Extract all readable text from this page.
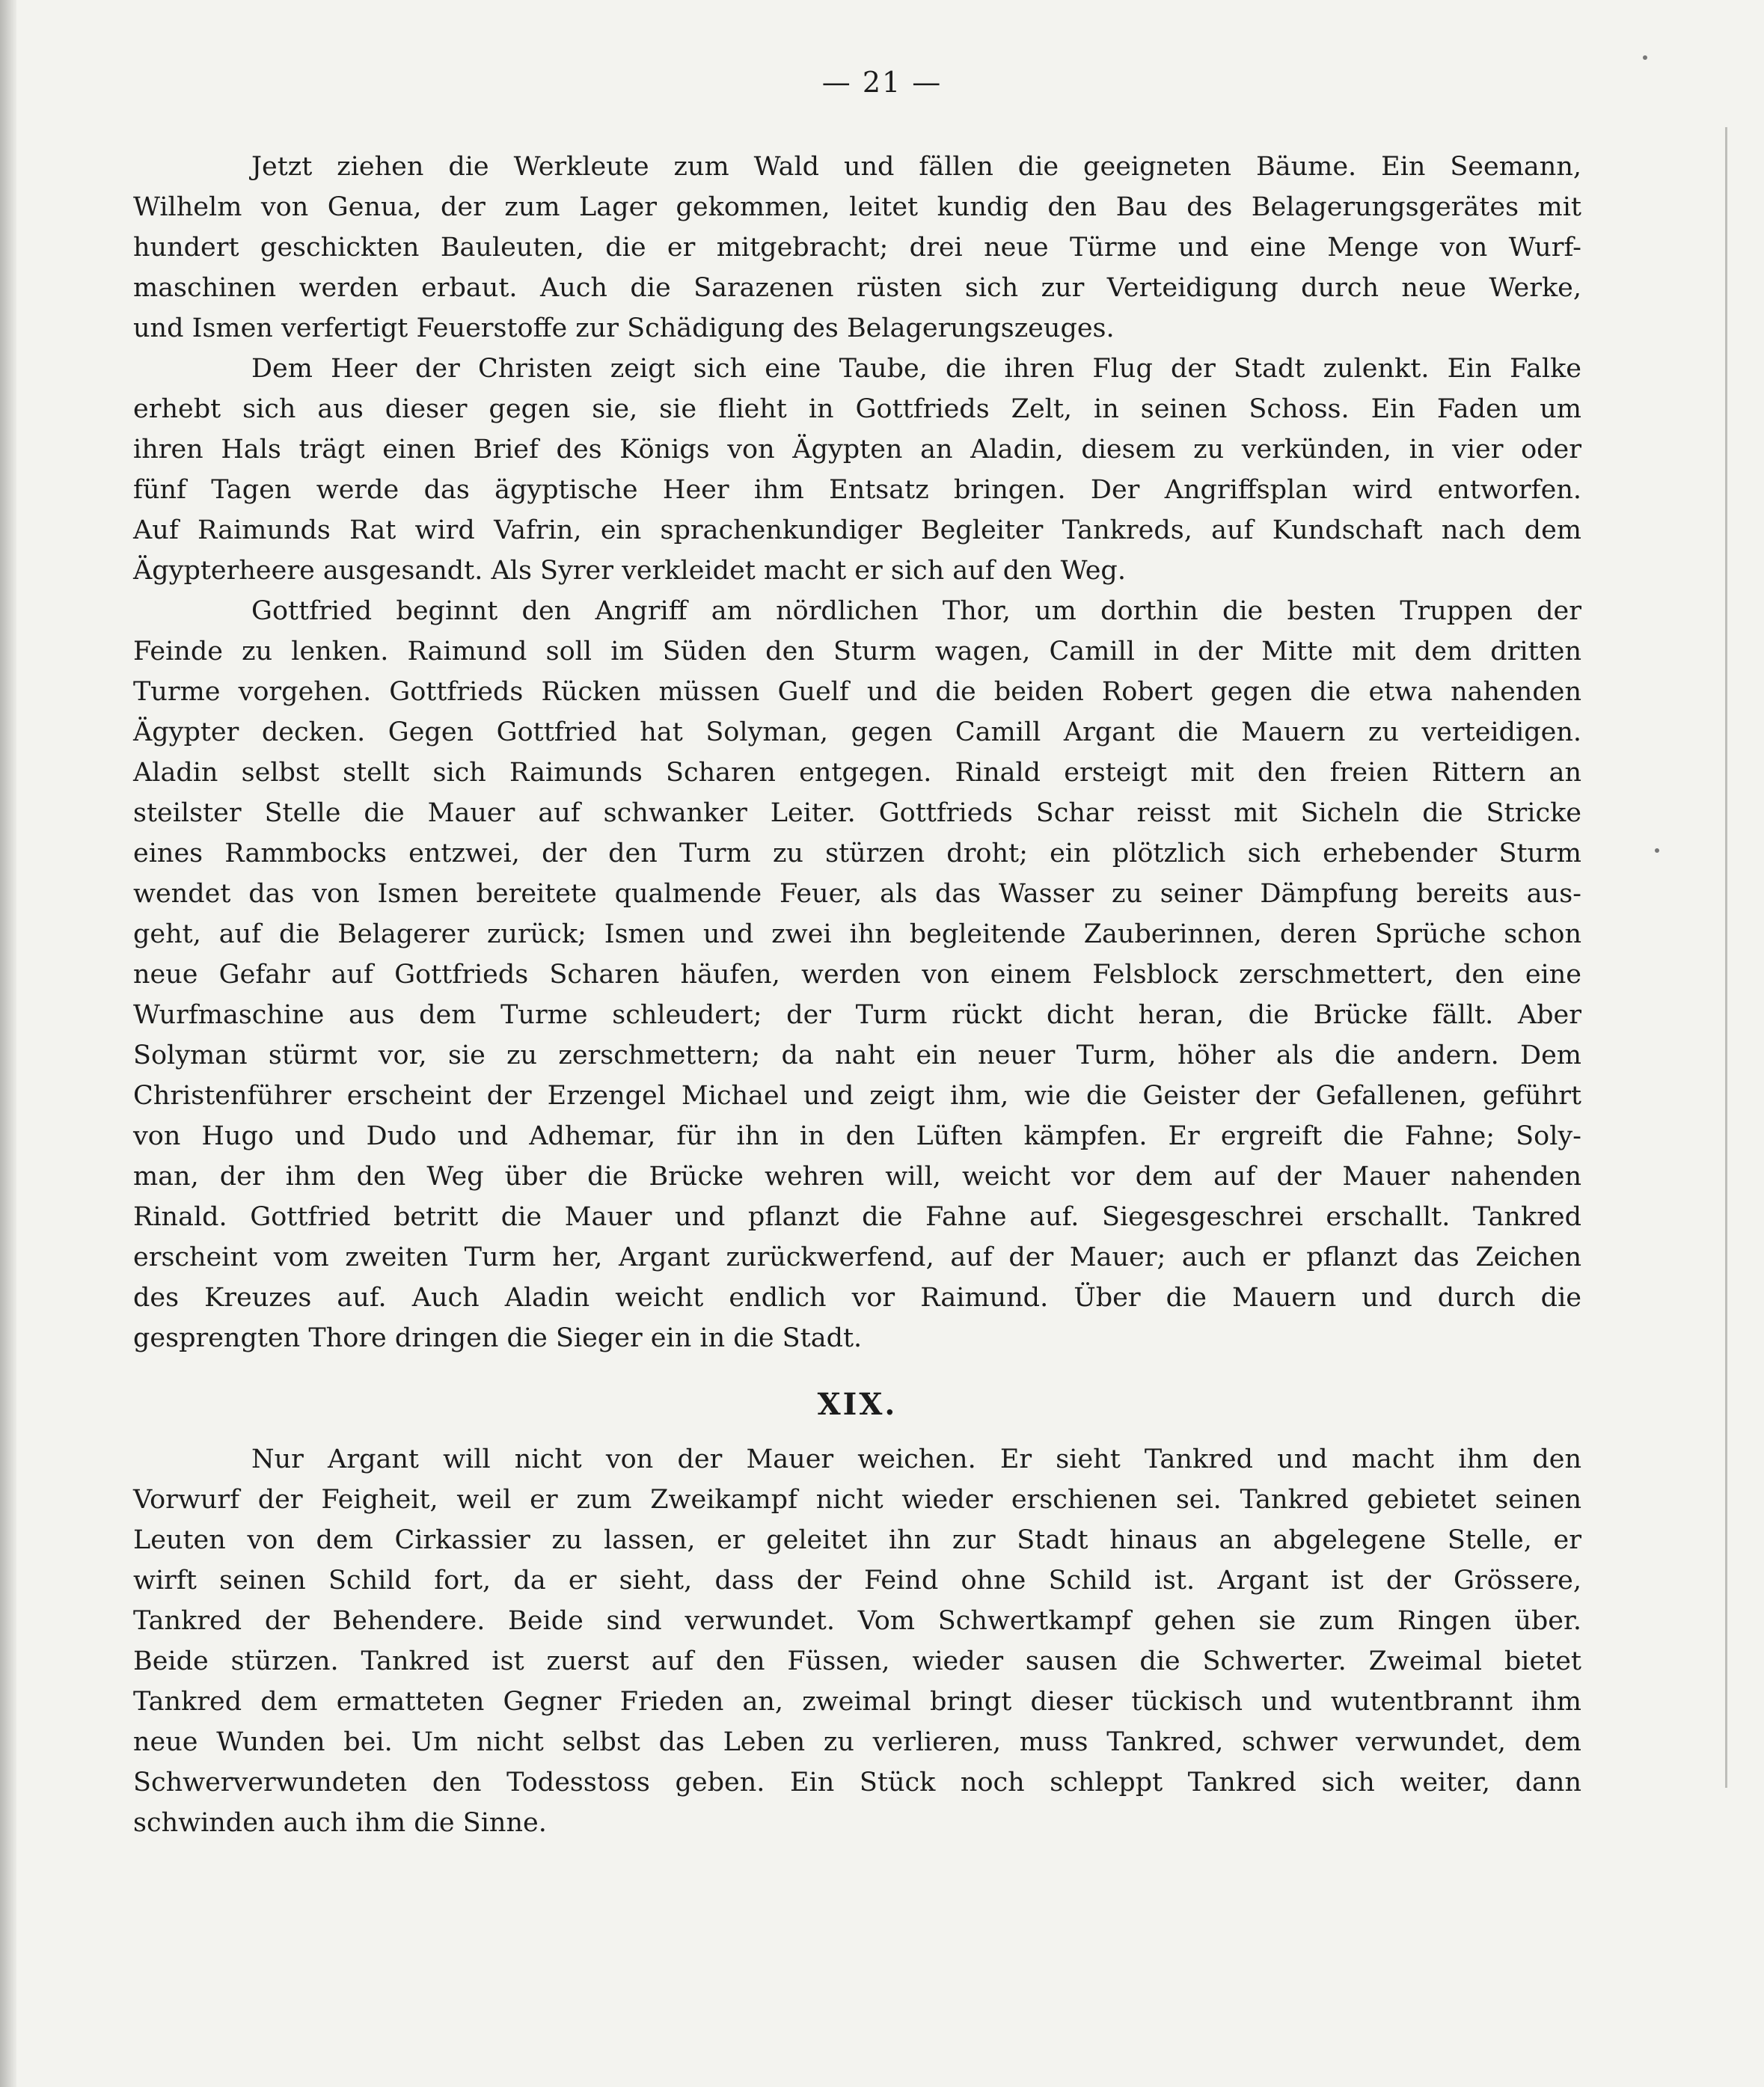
— 21 —
Jetzt ziehen die Werkleute zum Wald und fällen die geeigneten Bäume. Ein Seemann,
Wilhelm von Genua, der zum Lager gekommen, leitet kundig den Bau des Belagerungsgerätes mit
hundert geschickten Bauleuten, die er mitgebracht; drei neue Türme und eine Menge von Wurf-
maschinen werden erbaut. Auch die Sarazenen rüsten sich zur Verteidigung durch neue Werke,
und Ismen verfertigt Feuerstoffe zur Schädigung des Belagerungszeuges.
Dem Heer der Christen zeigt sich eine Taube, die ihren Flug der Stadt zulenkt. Ein Falke
erhebt sich aus dieser gegen sie, sie flieht in Gottfrieds Zelt, in seinen Schoss. Ein Faden um
ihren Hals trägt einen Brief des Königs von Ägypten an Aladin, diesem zu verkünden, in vier oder
fünf Tagen werde das ägyptische Heer ihm Entsatz bringen. Der Angriffsplan wird entworfen.
Auf Raimunds Rat wird Vafrin, ein sprachenkundiger Begleiter Tankreds, auf Kundschaft nach dem
Ägypterheere ausgesandt. Als Syrer verkleidet macht er sich auf den Weg.
Gottfried beginnt den Angriff am nördlichen Thor, um dorthin die besten Truppen der
Feinde zu lenken. Raimund soll im Süden den Sturm wagen, Camill in der Mitte mit dem dritten
Turme vorgehen. Gottfrieds Rücken müssen Guelf und die beiden Robert gegen die etwa nahenden
Ägypter decken. Gegen Gottfried hat Solyman, gegen Camill Argant die Mauern zu verteidigen.
Aladin selbst stellt sich Raimunds Scharen entgegen. Rinald ersteigt mit den freien Rittern an
steilster Stelle die Mauer auf schwanker Leiter. Gottfrieds Schar reisst mit Sicheln die Stricke
eines Rammbocks entzwei, der den Turm zu stürzen droht; ein plötzlich sich erhebender Sturm
wendet das von Ismen bereitete qualmende Feuer, als das Wasser zu seiner Dämpfung bereits aus-
geht, auf die Belagerer zurück; Ismen und zwei ihn begleitende Zauberinnen, deren Sprüche schon
neue Gefahr auf Gottfrieds Scharen häufen, werden von einem Felsblock zerschmettert, den eine
Wurfmaschine aus dem Turme schleudert; der Turm rückt dicht heran, die Brücke fällt. Aber
Solyman stürmt vor, sie zu zerschmettern; da naht ein neuer Turm, höher als die andern. Dem
Christenführer erscheint der Erzengel Michael und zeigt ihm, wie die Geister der Gefallenen, geführt
von Hugo und Dudo und Adhemar, für ihn in den Lüften kämpfen. Er ergreift die Fahne; Soly-
man, der ihm den Weg über die Brücke wehren will, weicht vor dem auf der Mauer nahenden
Rinald. Gottfried betritt die Mauer und pflanzt die Fahne auf. Siegesgeschrei erschallt. Tankred
erscheint vom zweiten Turm her, Argant zurückwerfend, auf der Mauer; auch er pflanzt das Zeichen
des Kreuzes auf. Auch Aladin weicht endlich vor Raimund. Über die Mauern und durch die
gesprengten Thore dringen die Sieger ein in die Stadt.
XIX.
Nur Argant will nicht von der Mauer weichen. Er sieht Tankred und macht ihm den
Vorwurf der Feigheit, weil er zum Zweikampf nicht wieder erschienen sei. Tankred gebietet seinen
Leuten von dem Cirkassier zu lassen, er geleitet ihn zur Stadt hinaus an abgelegene Stelle, er
wirft seinen Schild fort, da er sieht, dass der Feind ohne Schild ist. Argant ist der Grössere,
Tankred der Behendere. Beide sind verwundet. Vom Schwertkampf gehen sie zum Ringen über.
Beide stürzen. Tankred ist zuerst auf den Füssen, wieder sausen die Schwerter. Zweimal bietet
Tankred dem ermatteten Gegner Frieden an, zweimal bringt dieser tückisch und wutentbrannt ihm
neue Wunden bei. Um nicht selbst das Leben zu verlieren, muss Tankred, schwer verwundet, dem
Schwerverwundeten den Todesstoss geben. Ein Stück noch schleppt Tankred sich weiter, dann
schwinden auch ihm die Sinne.
